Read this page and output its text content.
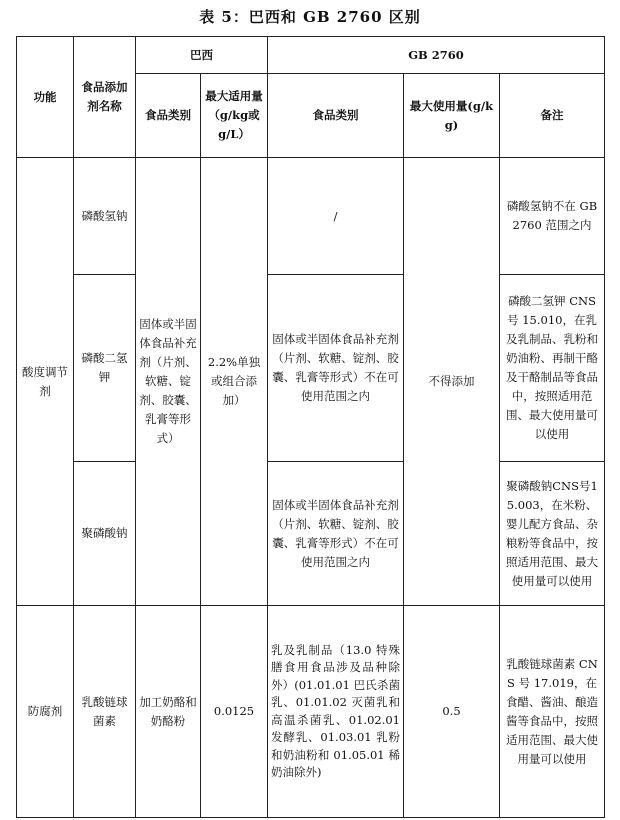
表 5：巴西和 GB 2760 区别
功能	食品添加剂名称	巴西		GB 2760		
		食品类别	最大适用量（g/kg或 g/L）	食品类别	最大使用量(g/kg)	备注
酸度调节剂	磷酸氢钠	固体或半固体食品补充剂（片剂、软糖、锭剂、胶囊、乳膏等形式）	2.2%单独或组合添加）	/	不得添加	磷酸氢钠不在 GB 2760 范围之内
	磷酸二氢钾			固体或半固体食品补充剂（片剂、软糖、锭剂、胶囊、乳膏等形式）不在可使用范围之内		磷酸二氢钾 CNS 号 15.010，在乳及乳制品、乳粉和奶油粉、再制干酪及干酪制品等食品中，按照适用范围、最大使用量可以使用
	聚磷酸钠			固体或半固体食品补充剂（片剂、软糖、锭剂、胶囊、乳膏等形式）不在可使用范围之内		聚磷酸钠CNS号15.003，在米粉、婴儿配方食品、杂粮粉等食品中，按照适用范围、最大使用量可以使用
防腐剂	乳酸链球菌素	加工奶酪和奶酪粉	0.0125	乳及乳制品（13.0 特殊膳食用食品涉及品种除外）(01.01.01 巴氏杀菌乳、01.01.02 灭菌乳和高温杀菌乳、01.02.01 发酵乳、01.03.01 乳粉和奶油粉和 01.05.01 稀奶油除外)	0.5	乳酸链球菌素 CNS 号 17.019，在食醋、酱油、酿造酱等食品中，按照适用范围、最大使用量可以使用
